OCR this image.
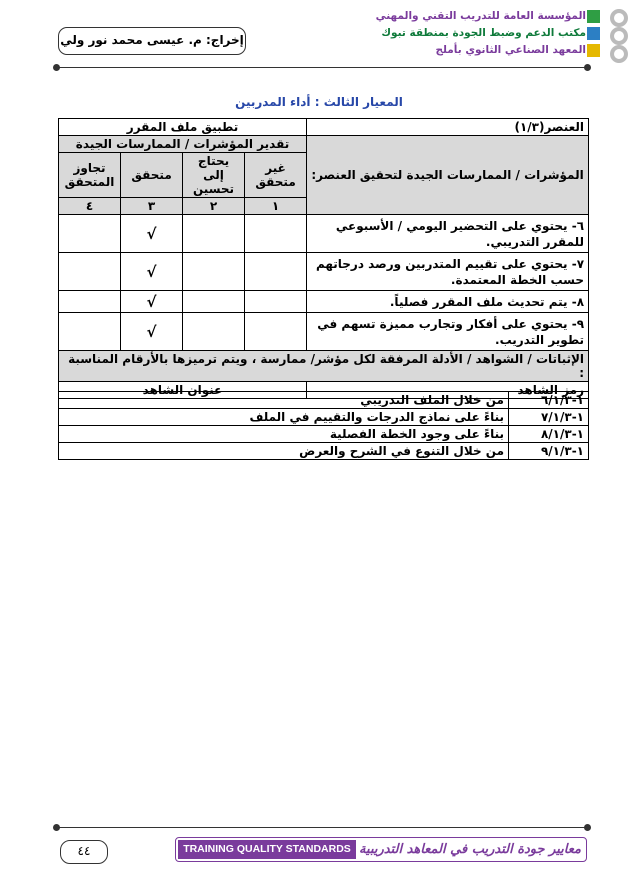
المؤسسة العامة للتدريب التقني والمهني
مكتب الدعم وضبط الجودة بمنطقة تبوك
المعهد الصناعي الثانوي بأملج
إخراج: م. عيسى محمد نور ولي
المعيار الثالث : أداء المدربين
العنصر(١/٣)	تطبيق ملف المقرر			
المؤشرات / الممارسات الجيدة لتحقيق العنصر:	تقدير المؤشرات / الممارسات الجيدة			
	غير متحقق	يحتاج إلى تحسين	متحقق	تجاوز المتحقق
	١	٢	٣	٤
٦- يحتوي على التحضير اليومي / الأسبوعي للمقرر التدريبي.			√	
٧- يحتوي على تقييم المتدربين ورصد درجاتهم حسب الخطة المعتمدة.			√	
٨- يتم تحديث ملف المقرر فصلياً.			√	
٩- يحتوي على أفكار وتجارب مميزة تسهم في تطوير التدريب.			√	
الإثباتات / الشواهد / الأدلة المرفقة لكل مؤشر/ ممارسة ، ويتم ترميزها بالأرقام المناسبة :				
رمز الشاهد	عنوان الشاهد			
١-٦/١/٣	من خلال الملف التدريبي
١-٧/١/٣	بناءً على نماذج الدرجات والتقييم في الملف
١-٨/١/٣	بناءً على وجود الخطة الفصلية
١-٩/١/٣	من خلال التنوع في الشرح والعرض
معايير جودة التدريب في المعاهد التدريبية
TRAINING QUALITY STANDARDS
٤٤
